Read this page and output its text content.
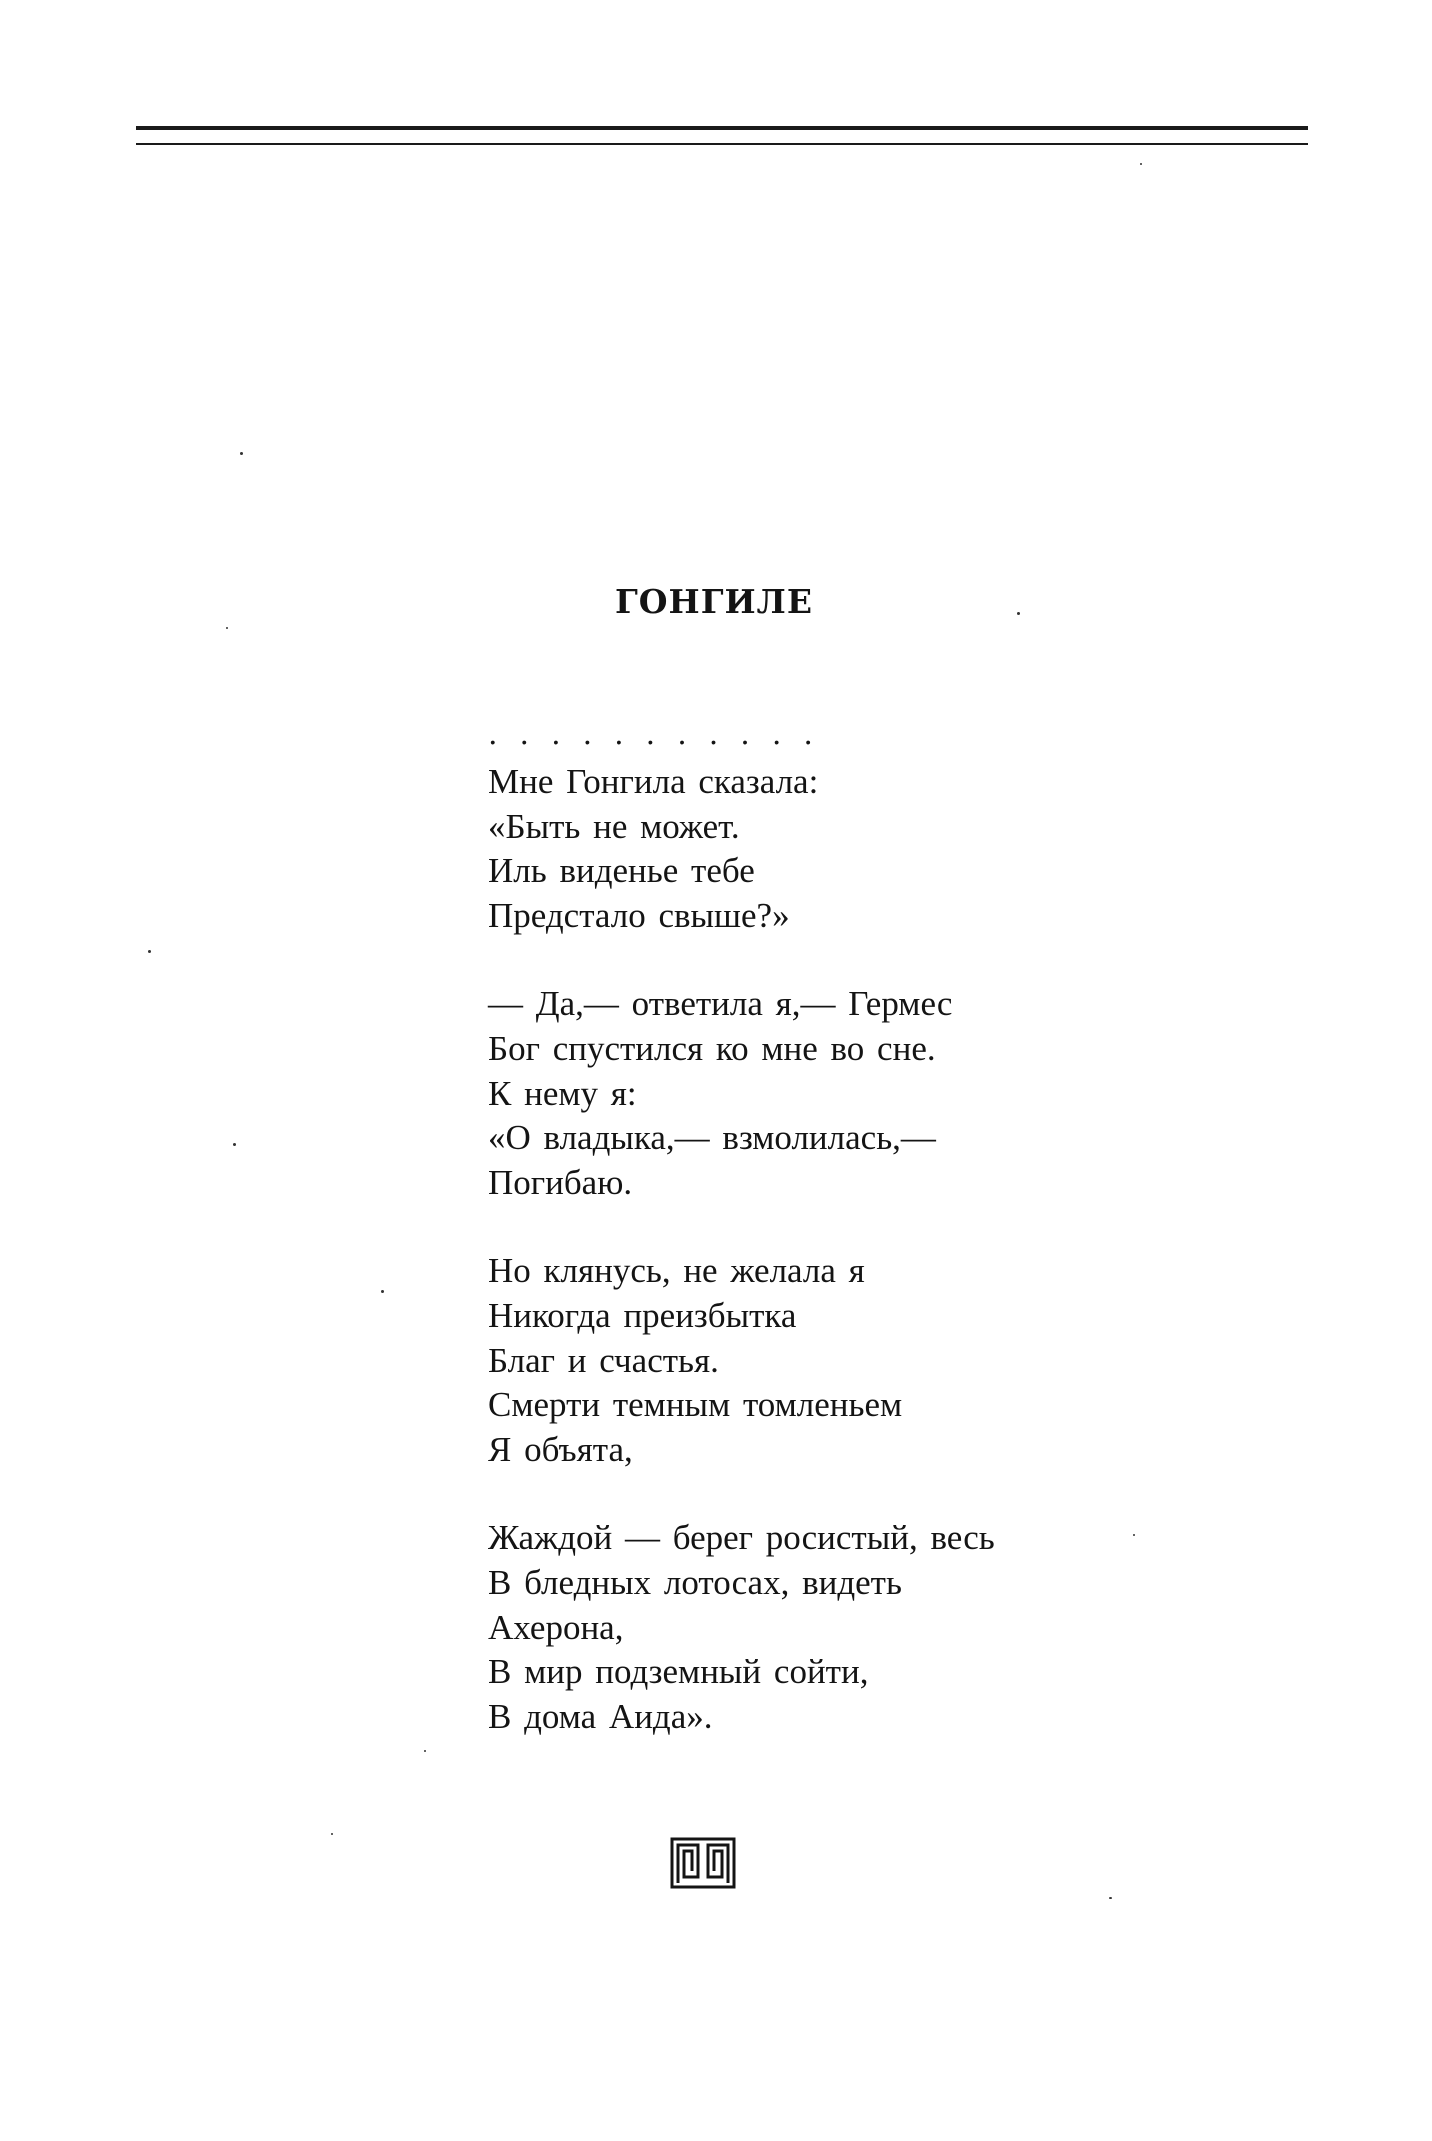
ГОНГИЛЕ
...........
Мне Гонгила сказала:
«Быть не может.
Иль виденье тебе
Предстало свыше?»
— Да,— ответила я,— Гермес
Бог спустился ко мне во сне.
К нему я:
«О владыка,— взмолилась,—
Погибаю.
Но клянусь, не желала я
Никогда преизбытка
Благ и счастья.
Смерти темным томленьем
Я объята,
Жаждой — берег росистый, весь
В бледных лотосах, видеть
Ахерона,
В мир подземный сойти,
В дома Аида».
